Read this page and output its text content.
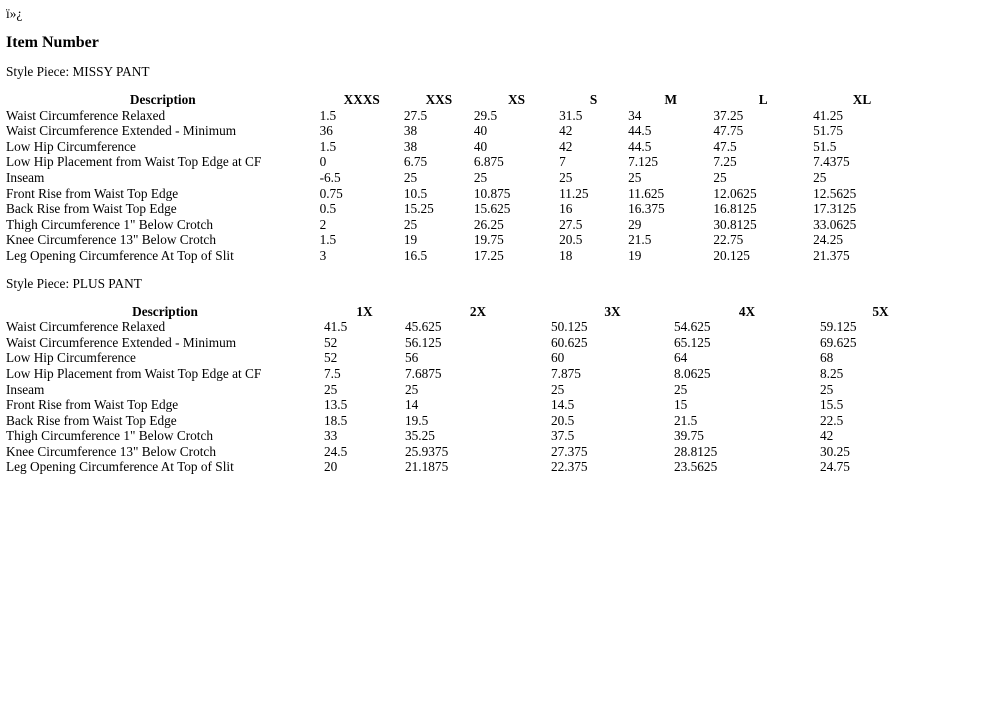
ï»¿
Item Number
Style Piece: MISSY PANT
Description	XXXS	XXS	XS	S	M	L	XL
Waist Circumference Relaxed	1.5	27.5	29.5	31.5	34	37.25	41.25
Waist Circumference Extended - Minimum	36	38	40	42	44.5	47.75	51.75
Low Hip Circumference	1.5	38	40	42	44.5	47.5	51.5
Low Hip Placement from Waist Top Edge at CF	0	6.75	6.875	7	7.125	7.25	7.4375
Inseam	-6.5	25	25	25	25	25	25
Front Rise from Waist Top Edge	0.75	10.5	10.875	11.25	11.625	12.0625	12.5625
Back Rise from Waist Top Edge	0.5	15.25	15.625	16	16.375	16.8125	17.3125
Thigh Circumference 1" Below Crotch	2	25	26.25	27.5	29	30.8125	33.0625
Knee Circumference 13" Below Crotch	1.5	19	19.75	20.5	21.5	22.75	24.25
Leg Opening Circumference At Top of Slit	3	16.5	17.25	18	19	20.125	21.375
Style Piece: PLUS PANT
Description	1X	2X	3X	4X	5X
Waist Circumference Relaxed	41.5	45.625	50.125	54.625	59.125
Waist Circumference Extended - Minimum	52	56.125	60.625	65.125	69.625
Low Hip Circumference	52	56	60	64	68
Low Hip Placement from Waist Top Edge at CF	7.5	7.6875	7.875	8.0625	8.25
Inseam	25	25	25	25	25
Front Rise from Waist Top Edge	13.5	14	14.5	15	15.5
Back Rise from Waist Top Edge	18.5	19.5	20.5	21.5	22.5
Thigh Circumference 1" Below Crotch	33	35.25	37.5	39.75	42
Knee Circumference 13" Below Crotch	24.5	25.9375	27.375	28.8125	30.25
Leg Opening Circumference At Top of Slit	20	21.1875	22.375	23.5625	24.75
